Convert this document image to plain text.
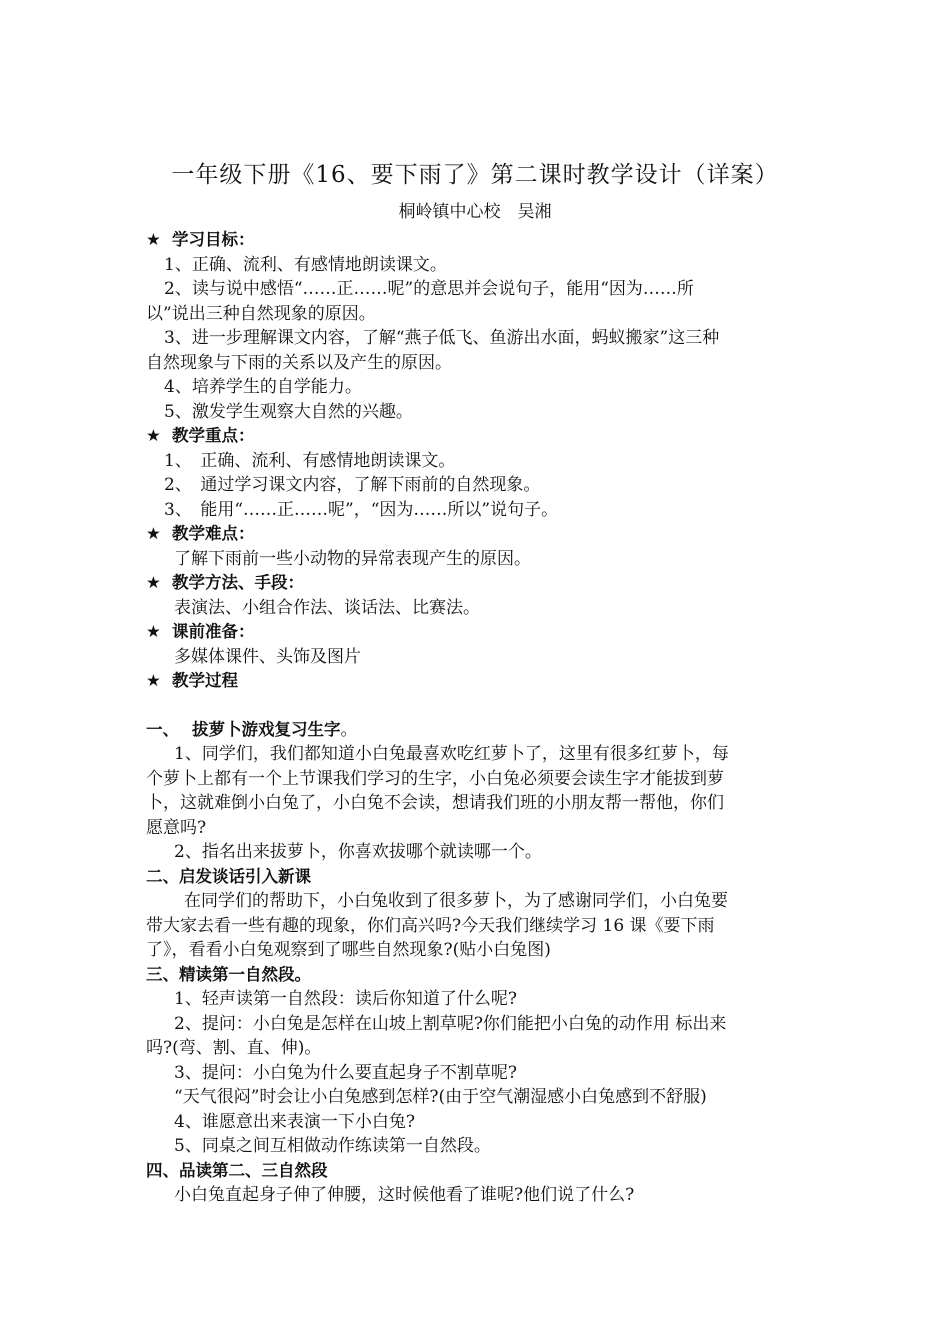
一年级下册《16、要下雨了》第二课时教学设计（详案）
桐岭镇中心校　吴湘
★ 学习目标：
1、正确、流利、有感情地朗读课文。
2、读与说中感悟“……正……呢”的意思并会说句子，能用“因为……所
以”说出三种自然现象的原因。
3、进一步理解课文内容，了解“燕子低飞、鱼游出水面，蚂蚁搬家”这三种
自然现象与下雨的关系以及产生的原因。
4、培养学生的自学能力。
5、激发学生观察大自然的兴趣。
★ 教学重点：
1、　正确、流利、有感情地朗读课文。
2、　通过学习课文内容，了解下雨前的自然现象。
3、　能用“……正……呢”，“因为……所以”说句子。
★ 教学难点：
了解下雨前一些小动物的异常表现产生的原因。
★ 教学方法、手段：
表演法、小组合作法、谈话法、比赛法。
★ 课前准备：
多媒体课件、头饰及图片
★ 教学过程
一、 拔萝卜游戏复习生字。
1、同学们，我们都知道小白兔最喜欢吃红萝卜了，这里有很多红萝卜，每
个萝卜上都有一个上节课我们学习的生字，小白兔必须要会读生字才能拔到萝
卜，这就难倒小白兔了，小白兔不会读，想请我们班的小朋友帮一帮他，你们
愿意吗?
2、指名出来拔萝卜，你喜欢拔哪个就读哪一个。
二、启发谈话引入新课
在同学们的帮助下，小白兔收到了很多萝卜，为了感谢同学们，小白兔要
带大家去看一些有趣的现象，你们高兴吗?今天我们继续学习 16 课《要下雨
了》，看看小白兔观察到了哪些自然现象?(贴小白兔图)
三、精读第一自然段。
1、轻声读第一自然段：读后你知道了什么呢?
2、提问：小白兔是怎样在山坡上割草呢?你们能把小白兔的动作用 标出来
吗?(弯、割、直、伸)。
3、提问：小白兔为什么要直起身子不割草呢?
“天气很闷”时会让小白兔感到怎样?(由于空气潮湿感小白兔感到不舒服)
4、谁愿意出来表演一下小白兔?
5、同桌之间互相做动作练读第一自然段。
四、品读第二、三自然段
小白兔直起身子伸了伸腰，这时候他看了谁呢?他们说了什么?
